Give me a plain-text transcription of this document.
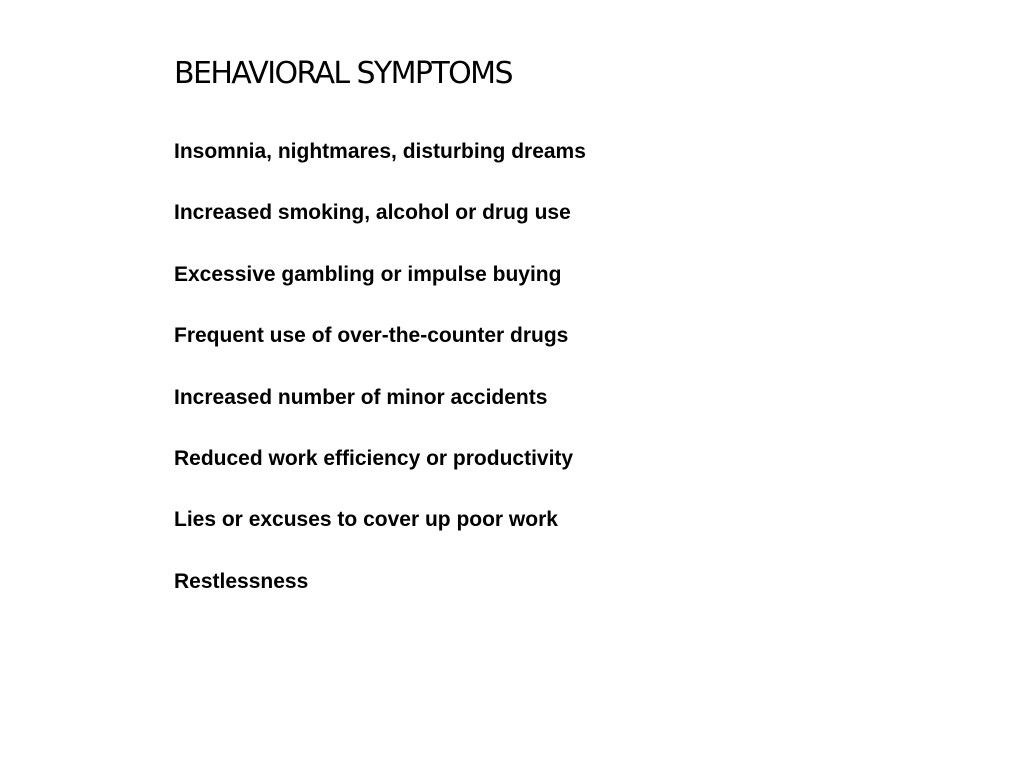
BEHAVIORAL SYMPTOMS
Insomnia, nightmares, disturbing dreams
Increased smoking, alcohol or drug use
Excessive gambling or impulse buying
Frequent use of over-the-counter drugs
Increased number of minor accidents
Reduced work efficiency or productivity
Lies or excuses to cover up poor work
Restlessness
